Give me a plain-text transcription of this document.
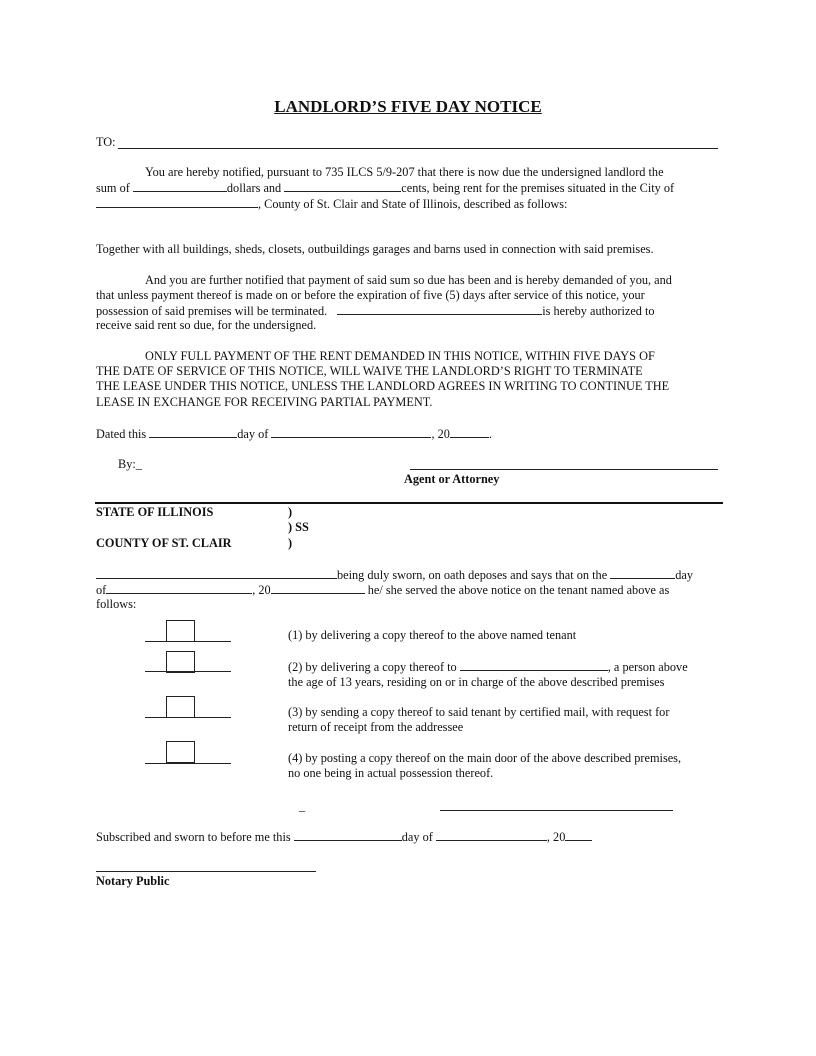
LANDLORD’S FIVE DAY NOTICE
TO:
You are hereby notified, pursuant to 735 ILCS 5/9-207 that there is now due the undersigned landlord the
sum of	dollars and	cents, being rent for the premises situated in the City of
, County of St. Clair and State of Illinois, described as follows:
Together with all buildings, sheds, closets, outbuildings garages and barns used in connection with said premises.
And you are further notified that payment of said sum so due has been and is hereby demanded of you, and
that unless payment thereof is made on or before the expiration of five (5) days after service of this notice, your
possession of said premises will be terminated.	is hereby authorized to
receive said rent so due, for the undersigned.
ONLY FULL PAYMENT OF THE RENT DEMANDED IN THIS NOTICE, WITHIN FIVE DAYS OF
THE DATE OF SERVICE OF THIS NOTICE, WILL WAIVE THE LANDLORD’S RIGHT TO TERMINATE
THE LEASE UNDER THIS NOTICE, UNLESS THE LANDLORD AGREES IN WRITING TO CONTINUE THE
LEASE IN EXCHANGE FOR RECEIVING PARTIAL PAYMENT.
Dated this	day of	, 20	.
By:_
Agent or Attorney
STATE OF ILLINOIS	)
) SS
COUNTY OF ST. CLAIR	)
being duly sworn, on oath deposes and says that on the	day
of	, 20	he/ she served the above notice on the tenant named above as
follows:
(1) by delivering a copy thereof to the above named tenant
(2) by delivering a copy thereof to	, a person above
the age of 13 years, residing on or in charge of the above described premises
(3) by sending a copy thereof to said tenant by certified mail, with request for
return of receipt from the addressee
(4) by posting a copy thereof on the main door of the above described premises,
no one being in actual possession thereof.
_
Subscribed and sworn to before me this	day of	, 20
Notary Public
